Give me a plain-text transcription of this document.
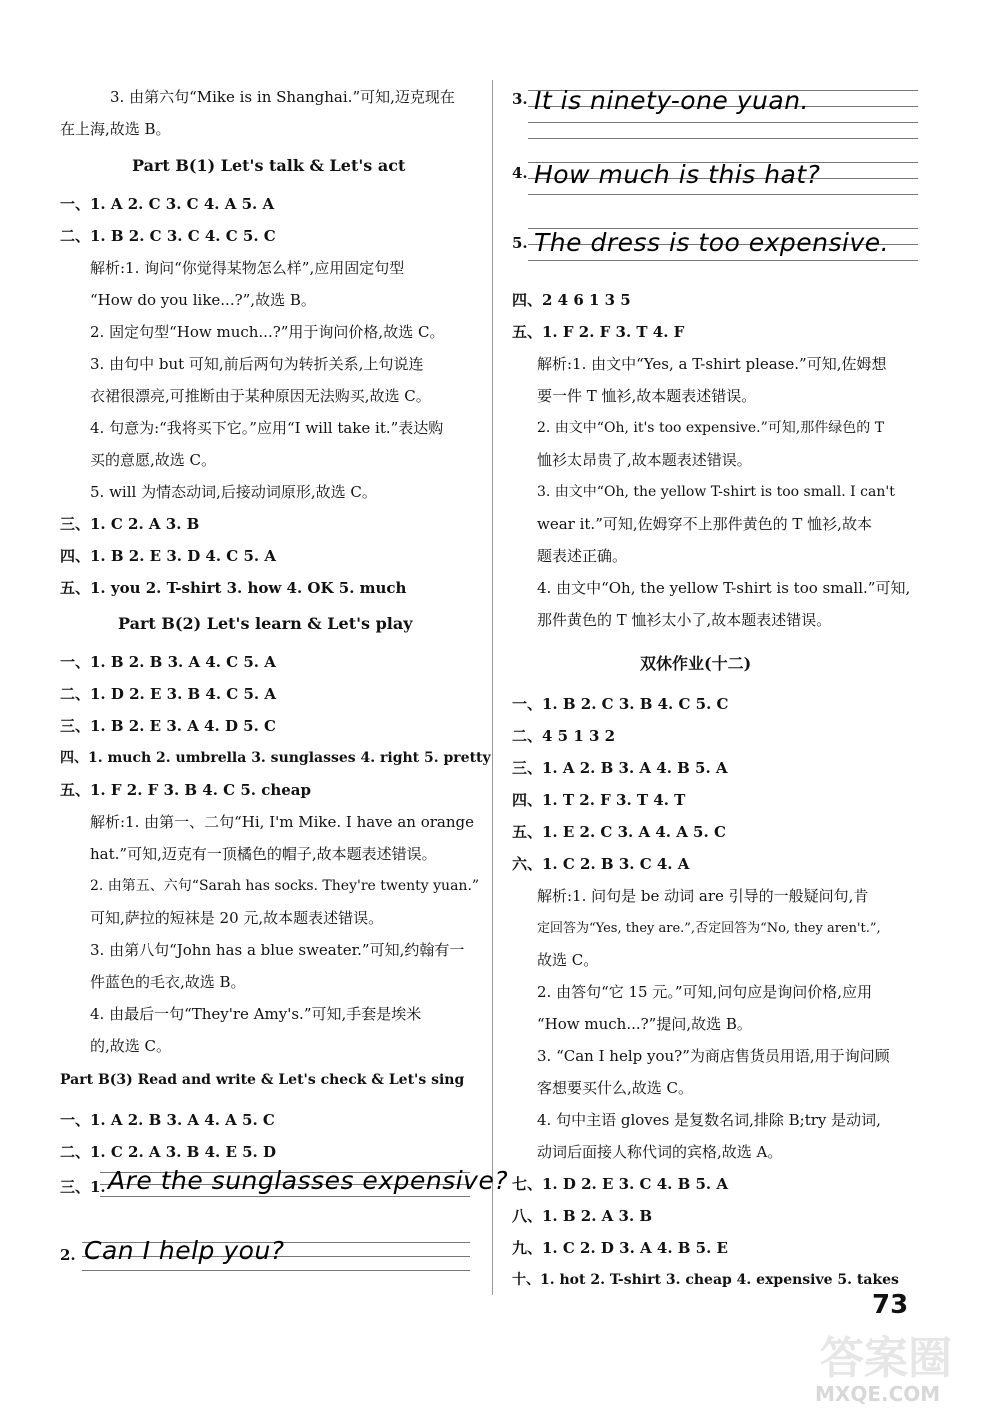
3. 由第六句“Mike is in Shanghai.”可知,迈克现在
在上海,故选 B。
Part B(1) Let's talk & Let's act
一、1. A 2. C 3. C 4. A 5. A
二、1. B 2. C 3. C 4. C 5. C
解析:1. 询问“你觉得某物怎么样”,应用固定句型
“How do you like...?”,故选 B。
2. 固定句型“How much...?”用于询问价格,故选 C。
3. 由句中 but 可知,前后两句为转折关系,上句说连
衣裙很漂亮,可推断由于某种原因无法购买,故选 C。
4. 句意为:“我将买下它。”应用“I will take it.”表达购
买的意愿,故选 C。
5. will 为情态动词,后接动词原形,故选 C。
三、1. C 2. A 3. B
四、1. B 2. E 3. D 4. C 5. A
五、1. you 2. T-shirt 3. how 4. OK 5. much
Part B(2) Let's learn & Let's play
一、1. B 2. B 3. A 4. C 5. A
二、1. D 2. E 3. B 4. C 5. A
三、1. B 2. E 3. A 4. D 5. C
四、1. much 2. umbrella 3. sunglasses 4. right 5. pretty
五、1. F 2. F 3. B 4. C 5. cheap
解析:1. 由第一、二句“Hi, I'm Mike. I have an orange
hat.”可知,迈克有一顶橘色的帽子,故本题表述错误。
2. 由第五、六句“Sarah has socks. They're twenty yuan.”
可知,萨拉的短袜是 20 元,故本题表述错误。
3. 由第八句“John has a blue sweater.”可知,约翰有一
件蓝色的毛衣,故选 B。
4. 由最后一句“They're Amy's.”可知,手套是埃米
的,故选 C。
Part B(3) Read and write & Let's check & Let's sing
一、1. A 2. B 3. A 4. A 5. C
二、1. C 2. A 3. B 4. E 5. D
三、1. Are the sunglasses expensive?
2. Can I help you?
3. It is ninety-one yuan.
4. How much is this hat?
5. The dress is too expensive.
四、2 4 6 1 3 5
五、1. F 2. F 3. T 4. F
解析:1. 由文中“Yes, a T-shirt please.”可知,佐姆想
要一件 T 恤衫,故本题表述错误。
2. 由文中“Oh, it's too expensive.”可知,那件绿色的 T
恤衫太昂贵了,故本题表述错误。
3. 由文中“Oh, the yellow T-shirt is too small. I can't
wear it.”可知,佐姆穿不上那件黄色的 T 恤衫,故本
题表述正确。
4. 由文中“Oh, the yellow T-shirt is too small.”可知,
那件黄色的 T 恤衫太小了,故本题表述错误。
双休作业(十二)
一、1. B 2. C 3. B 4. C 5. C
二、4 5 1 3 2
三、1. A 2. B 3. A 4. B 5. A
四、1. T 2. F 3. T 4. T
五、1. E 2. C 3. A 4. A 5. C
六、1. C 2. B 3. C 4. A
解析:1. 问句是 be 动词 are 引导的一般疑问句,肯
定回答为“Yes, they are.”,否定回答为“No, they aren't.”,
故选 C。
2. 由答句“它 15 元。”可知,问句应是询问价格,应用
“How much...?”提问,故选 B。
3. “Can I help you?”为商店售货员用语,用于询问顾
客想要买什么,故选 C。
4. 句中主语 gloves 是复数名词,排除 B;try 是动词,
动词后面接人称代词的宾格,故选 A。
七、1. D 2. E 3. C 4. B 5. A
八、1. B 2. A 3. B
九、1. C 2. D 3. A 4. B 5. E
十、1. hot 2. T-shirt 3. cheap 4. expensive 5. takes
73
答案圈
MXQE.COM
